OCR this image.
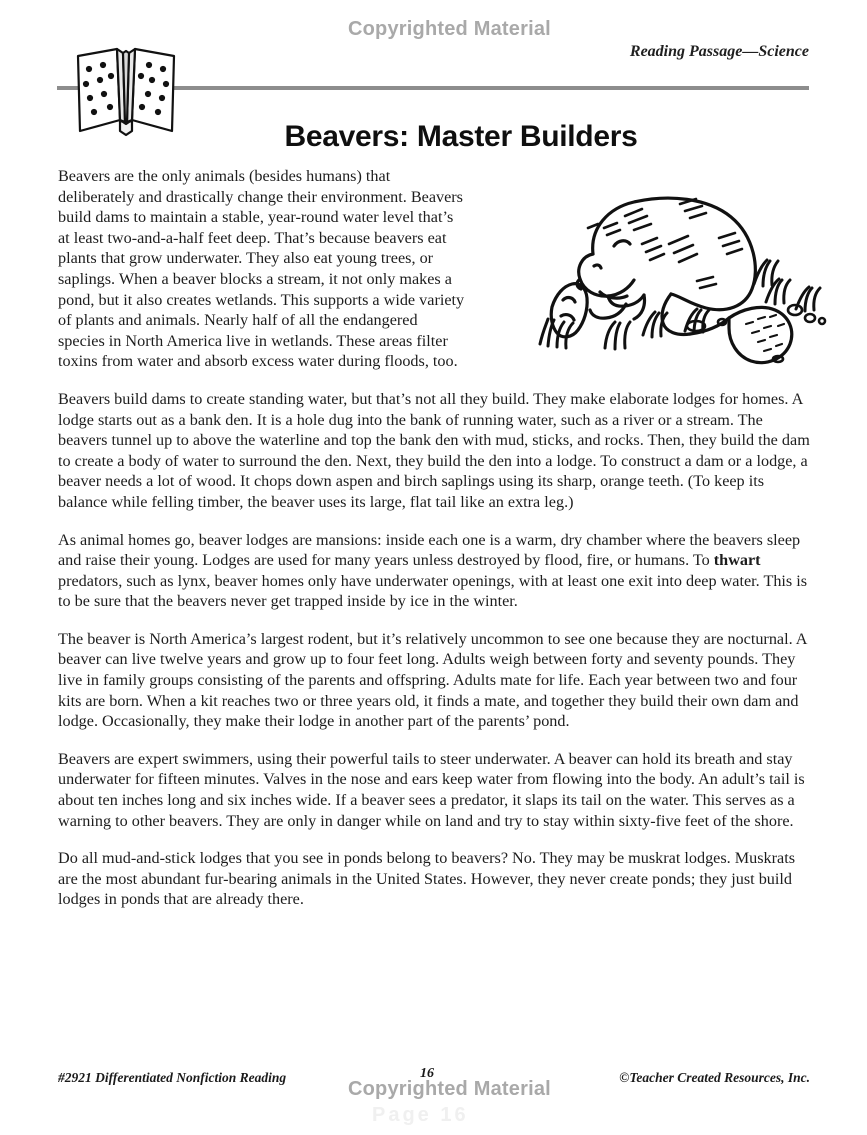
Copyrighted Material
Reading Passage—Science
Beavers: Master Builders

Beavers are the only animals (besides humans) that deliberately and drastically change their environment. Beavers build dams to maintain a stable, year-round water level that’s at least two-and-a-half feet deep. That’s because beavers eat plants that grow underwater. They also eat young trees, or saplings. When a beaver blocks a stream, it not only makes a pond, but it also creates wetlands. This supports a wide variety of plants and animals. Nearly half of all the endangered species in North America live in wetlands. These areas filter toxins from water and absorb excess water during floods, too.

Beavers build dams to create standing water, but that’s not all they build. They make elaborate lodges for homes. A lodge starts out as a bank den. It is a hole dug into the bank of running water, such as a river or a stream. The beavers tunnel up to above the waterline and top the bank den with mud, sticks, and rocks. Then, they build the dam to create a body of water to surround the den. Next, they build the den into a lodge. To construct a dam or a lodge, a beaver needs a lot of wood. It chops down aspen and birch saplings using its sharp, orange teeth. (To keep its balance while felling timber, the beaver uses its large, flat tail like an extra leg.)

As animal homes go, beaver lodges are mansions: inside each one is a warm, dry chamber where the beavers sleep and raise their young. Lodges are used for many years unless destroyed by flood, fire, or humans. To thwart predators, such as lynx, beaver homes only have underwater openings, with at least one exit into deep water. This is to be sure that the beavers never get trapped inside by ice in the winter.

The beaver is North America’s largest rodent, but it’s relatively uncommon to see one because they are nocturnal. A beaver can live twelve years and grow up to four feet long. Adults weigh between forty and seventy pounds. They live in family groups consisting of the parents and offspring. Adults mate for life. Each year between two and four kits are born. When a kit reaches two or three years old, it finds a mate, and together they build their own dam and lodge. Occasionally, they make their lodge in another part of the parents’ pond.

Beavers are expert swimmers, using their powerful tails to steer underwater. A beaver can hold its breath and stay underwater for fifteen minutes. Valves in the nose and ears keep water from flowing into the body. An adult’s tail is about ten inches long and six inches wide. If a beaver sees a predator, it slaps its tail on the water. This serves as a warning to other beavers. They are only in danger while on land and try to stay within sixty-five feet of the shore.

Do all mud-and-stick lodges that you see in ponds belong to beavers? No. They may be muskrat lodges. Muskrats are the most abundant fur-bearing animals in the United States. However, they never create ponds; they just build lodges in ponds that are already there.

#2921 Differentiated Nonfiction Reading	16	©Teacher Created Resources, Inc.
Copyrighted Material
Page 16
